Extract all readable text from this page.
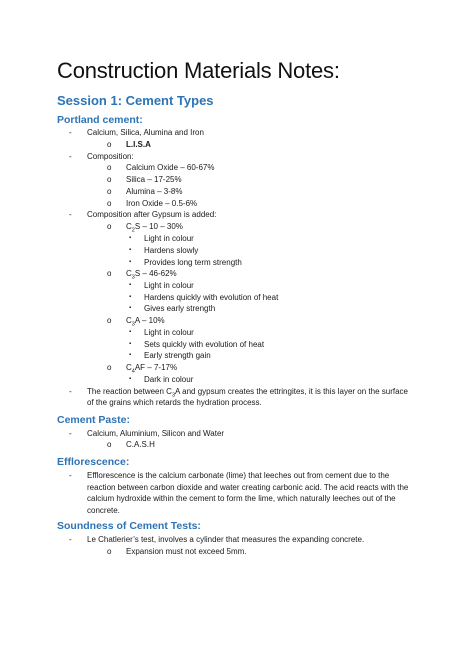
Construction Materials Notes:
Session 1: Cement Types
Portland cement:
- Calcium, Silica, Alumina and Iron
o L.I.S.A
- Composition:
o Calcium Oxide – 60-67%
o Silica – 17-25%
o Alumina – 3-8%
o Iron Oxide – 0.5-6%
- Composition after Gypsum is added:
o $C_2S - 10 - 30\%$
▪ Light in colour
▪ Hardens slowly
▪ Provides long term strength
o $C_3S - 46-62\%$
▪ Light in colour
▪ Hardens quickly with evolution of heat
▪ Gives early strength
o $C_3A - 10\%$
▪ Light in colour
▪ Sets quickly with evolution of heat
▪ Early strength gain
o $C_4AF - 7-17\%$
▪ Dark in colour
- The reaction between $C_3A$ and gypsum creates the ettringites, it is this layer on the surface
of the grains which retards the hydration process.
Cement Paste:
- Calcium, Aluminium, Silicon and Water
o C.A.S.H
Efflorescence:
- Efflorescence is the calcium carbonate (lime) that leeches out from cement due to the
reaction between carbon dioxide and water creating carbonic acid. The acid reacts with the
calcium hydroxide within the cement to form the lime, which naturally leeches out of the
concrete.
Soundness of Cement Tests:
- Le Chatlerier’s test, involves a cylinder that measures the expanding concrete.
o Expansion must not exceed 5mm.
